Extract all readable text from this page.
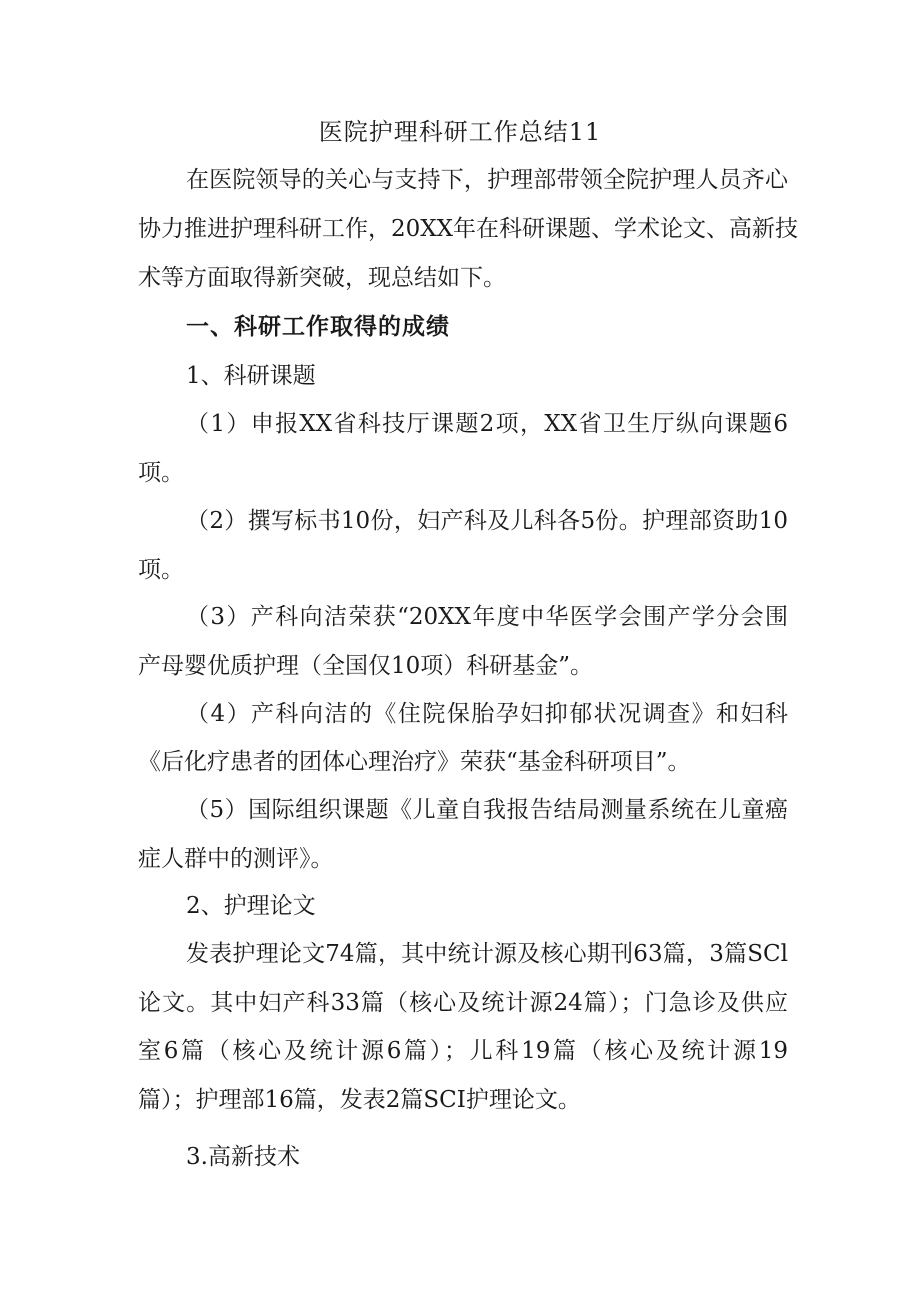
医院护理科研工作总结11
在医院领导的关心与支持下，护理部带领全院护理人员齐心
协力推进护理科研工作，20XX年在科研课题、学术论文、高新技
术等方面取得新突破，现总结如下。
一、科研工作取得的成绩
1、科研课题
（1）申报XX省科技厅课题2项，XX省卫生厅纵向课题6
项。
（2）撰写标书10份，妇产科及儿科各5份。护理部资助10
项。
（3）产科向洁荣获“20XX年度中华医学会围产学分会围
产母婴优质护理（全国仅10项）科研基金”。
（4）产科向洁的《住院保胎孕妇抑郁状况调查》和妇科
《后化疗患者的团体心理治疗》荣获“基金科研项目”。
（5）国际组织课题《儿童自我报告结局测量系统在儿童癌
症人群中的测评》。
2、护理论文
发表护理论文74篇，其中统计源及核心期刊63篇，3篇SCl
论文。其中妇产科33篇（核心及统计源24篇）；门急诊及供应
室6篇（核心及统计源6篇）；儿科19篇（核心及统计源19
篇）；护理部16篇，发表2篇SCI护理论文。
3.高新技术
